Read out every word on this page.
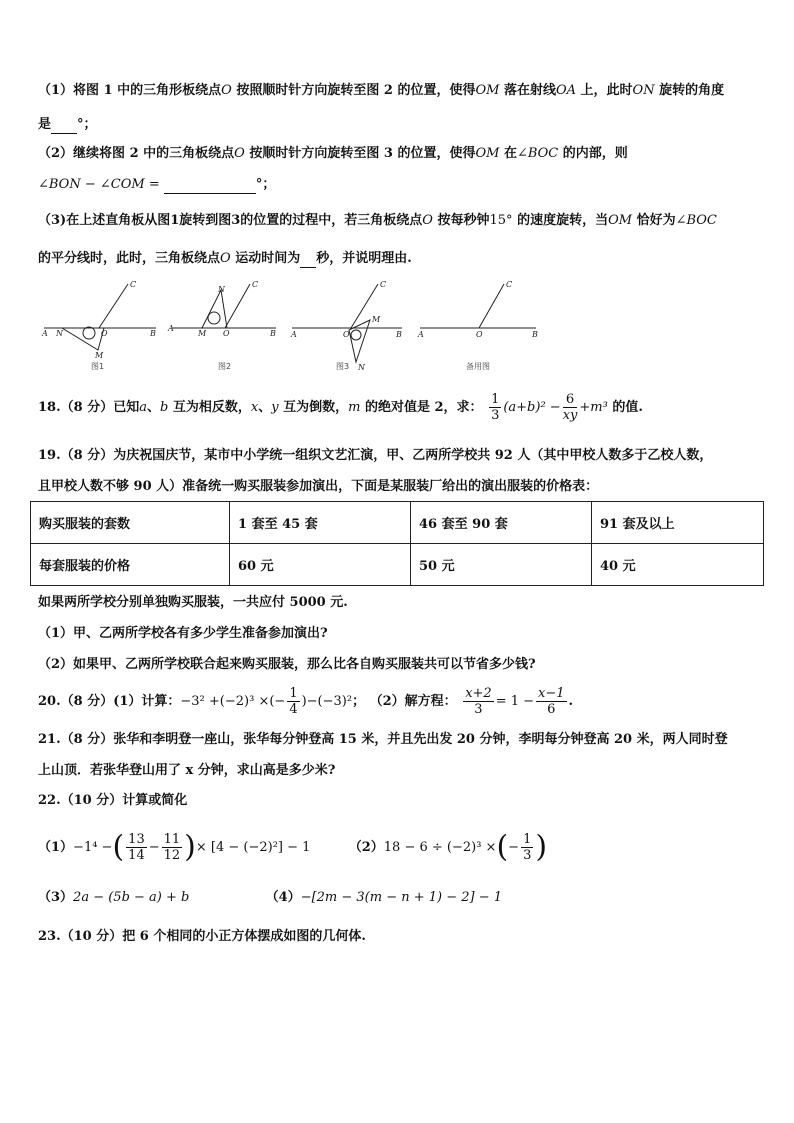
（1）将图 1 中的三角形板绕点O 按照顺时针方向旋转至图 2 的位置，使得OM 落在射线OA 上，此时ON 旋转的角度
是 °；
（2）继续将图 2 中的三角板绕点O 按顺时针方向旋转至图 3 的位置，使得OM 在∠BOC 的内部，则
∠BON − ∠COM =	°；
（3)在上述直角板从图1旋转到图3的位置的过程中，若三角板绕点O 按每秒钟15° 的速度旋转，当OM 恰好为∠BOC
的平分线时，此时，三角板绕点O 运动时间为 秒，并说明理由.
A N	O	B
C
M
图1
A
M O	B
C
N
图2
A	O
M
B
C
N
图3
A	O	B
C
备用图
18.（8 分）已知a、b 互为相反数，x、y 互为倒数，m 的绝对值是 2，求： $\frac{1}{3} (a+b)^2 - \frac{6}{xy} +m^3$ 的值.
19.（8 分）为庆祝国庆节，某市中小学统一组织文艺汇演，甲、乙两所学校共 92 人（其中甲校人数多于乙校人数，
且甲校人数不够 90 人）准备统一购买服装参加演出，下面是某服装厂给出的演出服装的价格表：
购买服装的套数	1 套至 45 套	46 套至 90 套	91 套及以上
每套服装的价格	60 元	50 元	40 元
如果两所学校分别单独购买服装，一共应付 5000 元.
（1）甲、乙两所学校各有多少学生准备参加演出?
（2）如果甲、乙两所学校联合起来购买服装，那么比各自购买服装共可以节省多少钱?
20.（8 分）(1）计算：−3² +(−2)³ ×(− $\frac{1}{4} )-(-3)^2$； （2）解方程： $\frac{x+2}{3} = 1 - \frac{x-1}{6}$ .
21.（8 分）张华和李明登一座山，张华每分钟登高 15 米，并且先出发 20 分钟，李明每分钟登高 20 米，两人同时登
上山顶．若张华登山用了 x 分钟，求山高是多少米?
22.（10 分）计算或简化
（1）−1⁴ −( $\frac{13}{14} - \frac{11}{12}$ )× [4 − (−2)²] − 1	（2）18 − 6 ÷ (−2)³ ×(− $\frac{1}{3}$ )
（3）2a − (5b − a) + b	（4）−[2m − 3(m − n + 1) − 2] − 1
23.（10 分）把 6 个相同的小正方体摆成如图的几何体.
